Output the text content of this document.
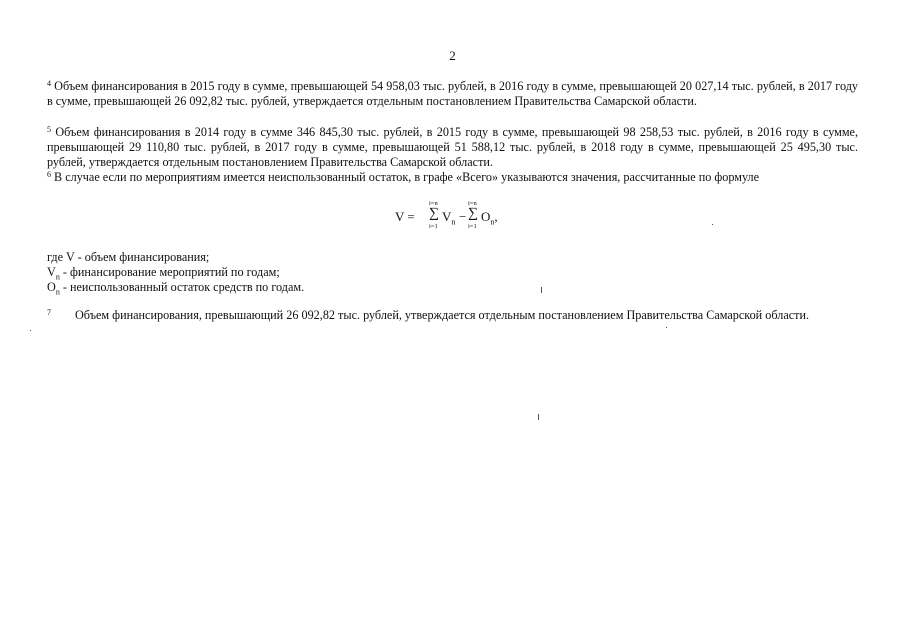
2

$^4$ Объем финансирования в 2015 году в сумме, превышающей 54 958,03 тыс. рублей, в 2016 году в сумме, превышающей 20 027,14 тыс. рублей, в 2017 году в сумме, превышающей 26 092,82 тыс. рублей, утверждается отдельным постановлением Правительства Самарской области.

$^5$ Объем финансирования в 2014 году в сумме 346 845,30 тыс. рублей, в 2015 году в сумме, превышающей 98 258,53 тыс. рублей, в 2016 году в сумме, превышающей 29 110,80 тыс. рублей, в 2017 году в сумме, превышающей 51 588,12 тыс. рублей, в 2018 году в сумме, превышающей 25 495,30 тыс. рублей, утверждается отдельным постановлением Правительства Самарской области.

$^6$ В случае если по мероприятиям имеется неиспользованный остаток, в графе «Всего» указываются значения, рассчитанные по формуле

V =
i=n
∑
i=1
$V_n$ −
i=n
∑
i=1
$O_n$,

где V - объем финансирования;

$V_n$ - финансирование мероприятий по годам;

$O_n$ - неиспользованный остаток средств по годам.

$^7$ Объем финансирования, превышающий 26 092,82 тыс. рублей, утверждается отдельным постановлением Правительства Самарской области.
